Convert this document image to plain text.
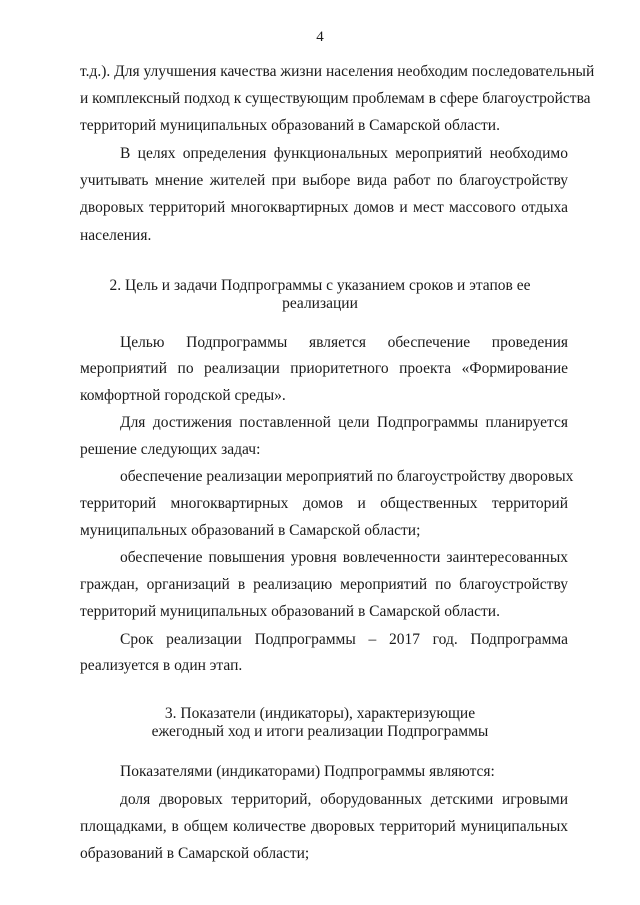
4
т.д.). Для улучшения качества жизни населения необходим последовательный
и комплексный подход к существующим проблемам в сфере благоустройства
территорий муниципальных образований в Самарской области.
В целях определения функциональных мероприятий необходимо
учитывать мнение жителей при выборе вида работ по благоустройству
дворовых территорий многоквартирных домов и мест массового отдыха
населения.
2. Цель и задачи Подпрограммы с указанием сроков и этапов ее
реализации
Целью Подпрограммы является обеспечение проведения
мероприятий по реализации приоритетного проекта «Формирование
комфортной городской среды».
Для достижения поставленной цели Подпрограммы планируется
решение следующих задач:
обеспечение реализации мероприятий по благоустройству дворовых
территорий многоквартирных домов и общественных территорий
муниципальных образований в Самарской области;
обеспечение повышения уровня вовлеченности заинтересованных
граждан, организаций в реализацию мероприятий по благоустройству
территорий муниципальных образований в Самарской области.
Срок реализации Подпрограммы – 2017 год. Подпрограмма
реализуется в один этап.
3. Показатели (индикаторы), характеризующие
ежегодный ход и итоги реализации Подпрограммы
Показателями (индикаторами) Подпрограммы являются:
доля дворовых территорий, оборудованных детскими игровыми
площадками, в общем количестве дворовых территорий муниципальных
образований в Самарской области;
